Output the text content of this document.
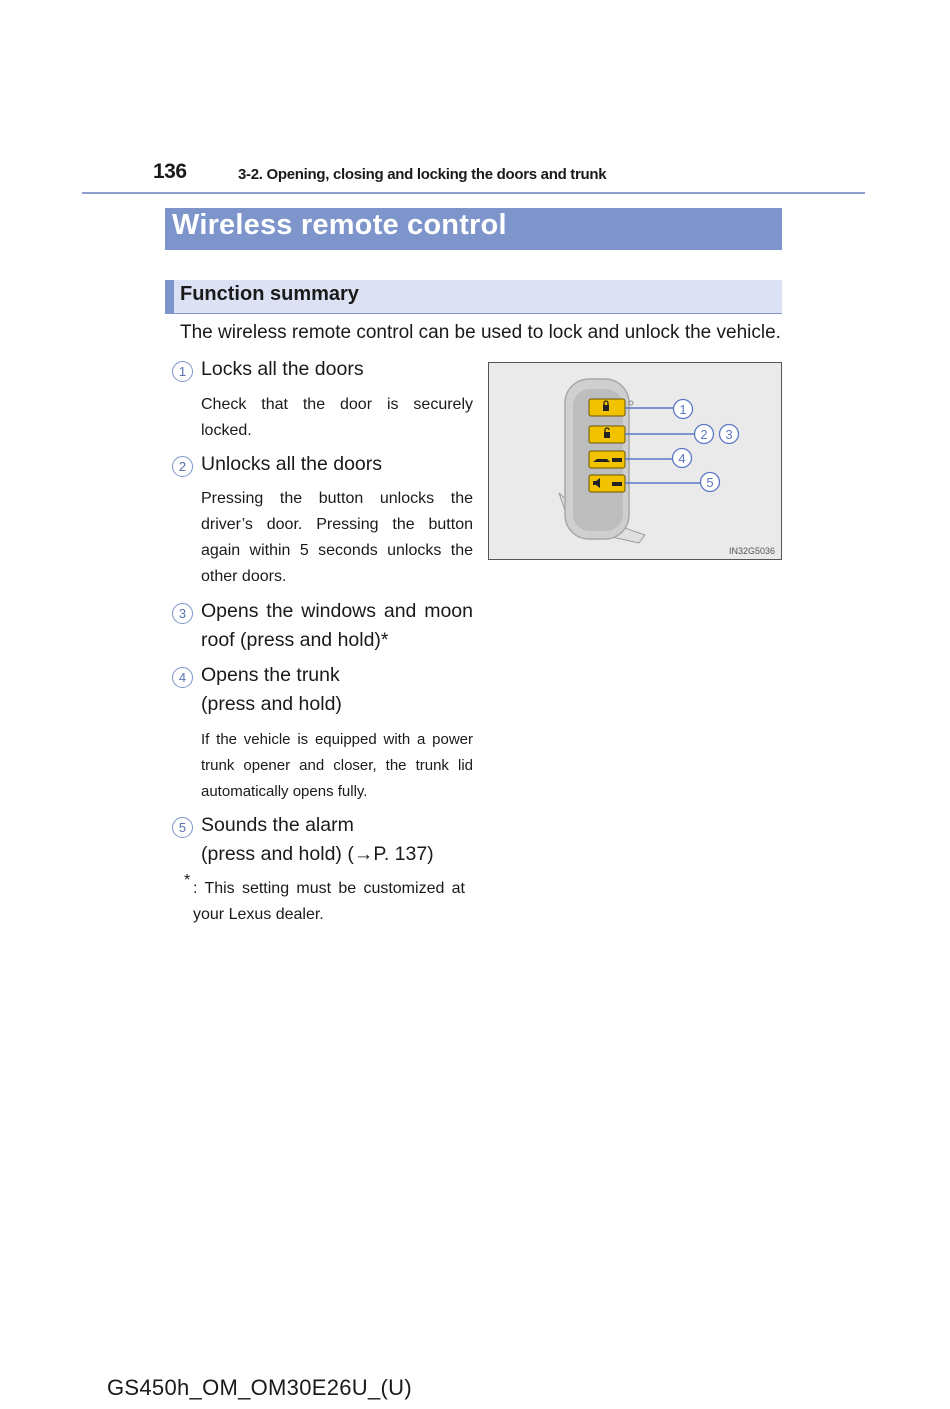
136	3-2. Opening, closing and locking the doors and trunk
Wireless remote control
Function summary
The wireless remote control can be used to lock and unlock the vehicle.
1 Locks all the doors
Check that the door is securely locked.
2 Unlocks all the doors
Pressing the button unlocks the driver’s door. Pressing the button again within 5 seconds unlocks the other doors.
3 Opens the windows and moon roof (press and hold)*
4 Opens the trunk
(press and hold)
If the vehicle is equipped with a power trunk opener and closer, the trunk lid automatically opens fully.
5 Sounds the alarm
(press and hold) (→P. 137)
* : This setting must be customized at your Lexus dealer.
1
2 3
4
5
IN32G5036
GS450h_OM_OM30E26U_(U)
